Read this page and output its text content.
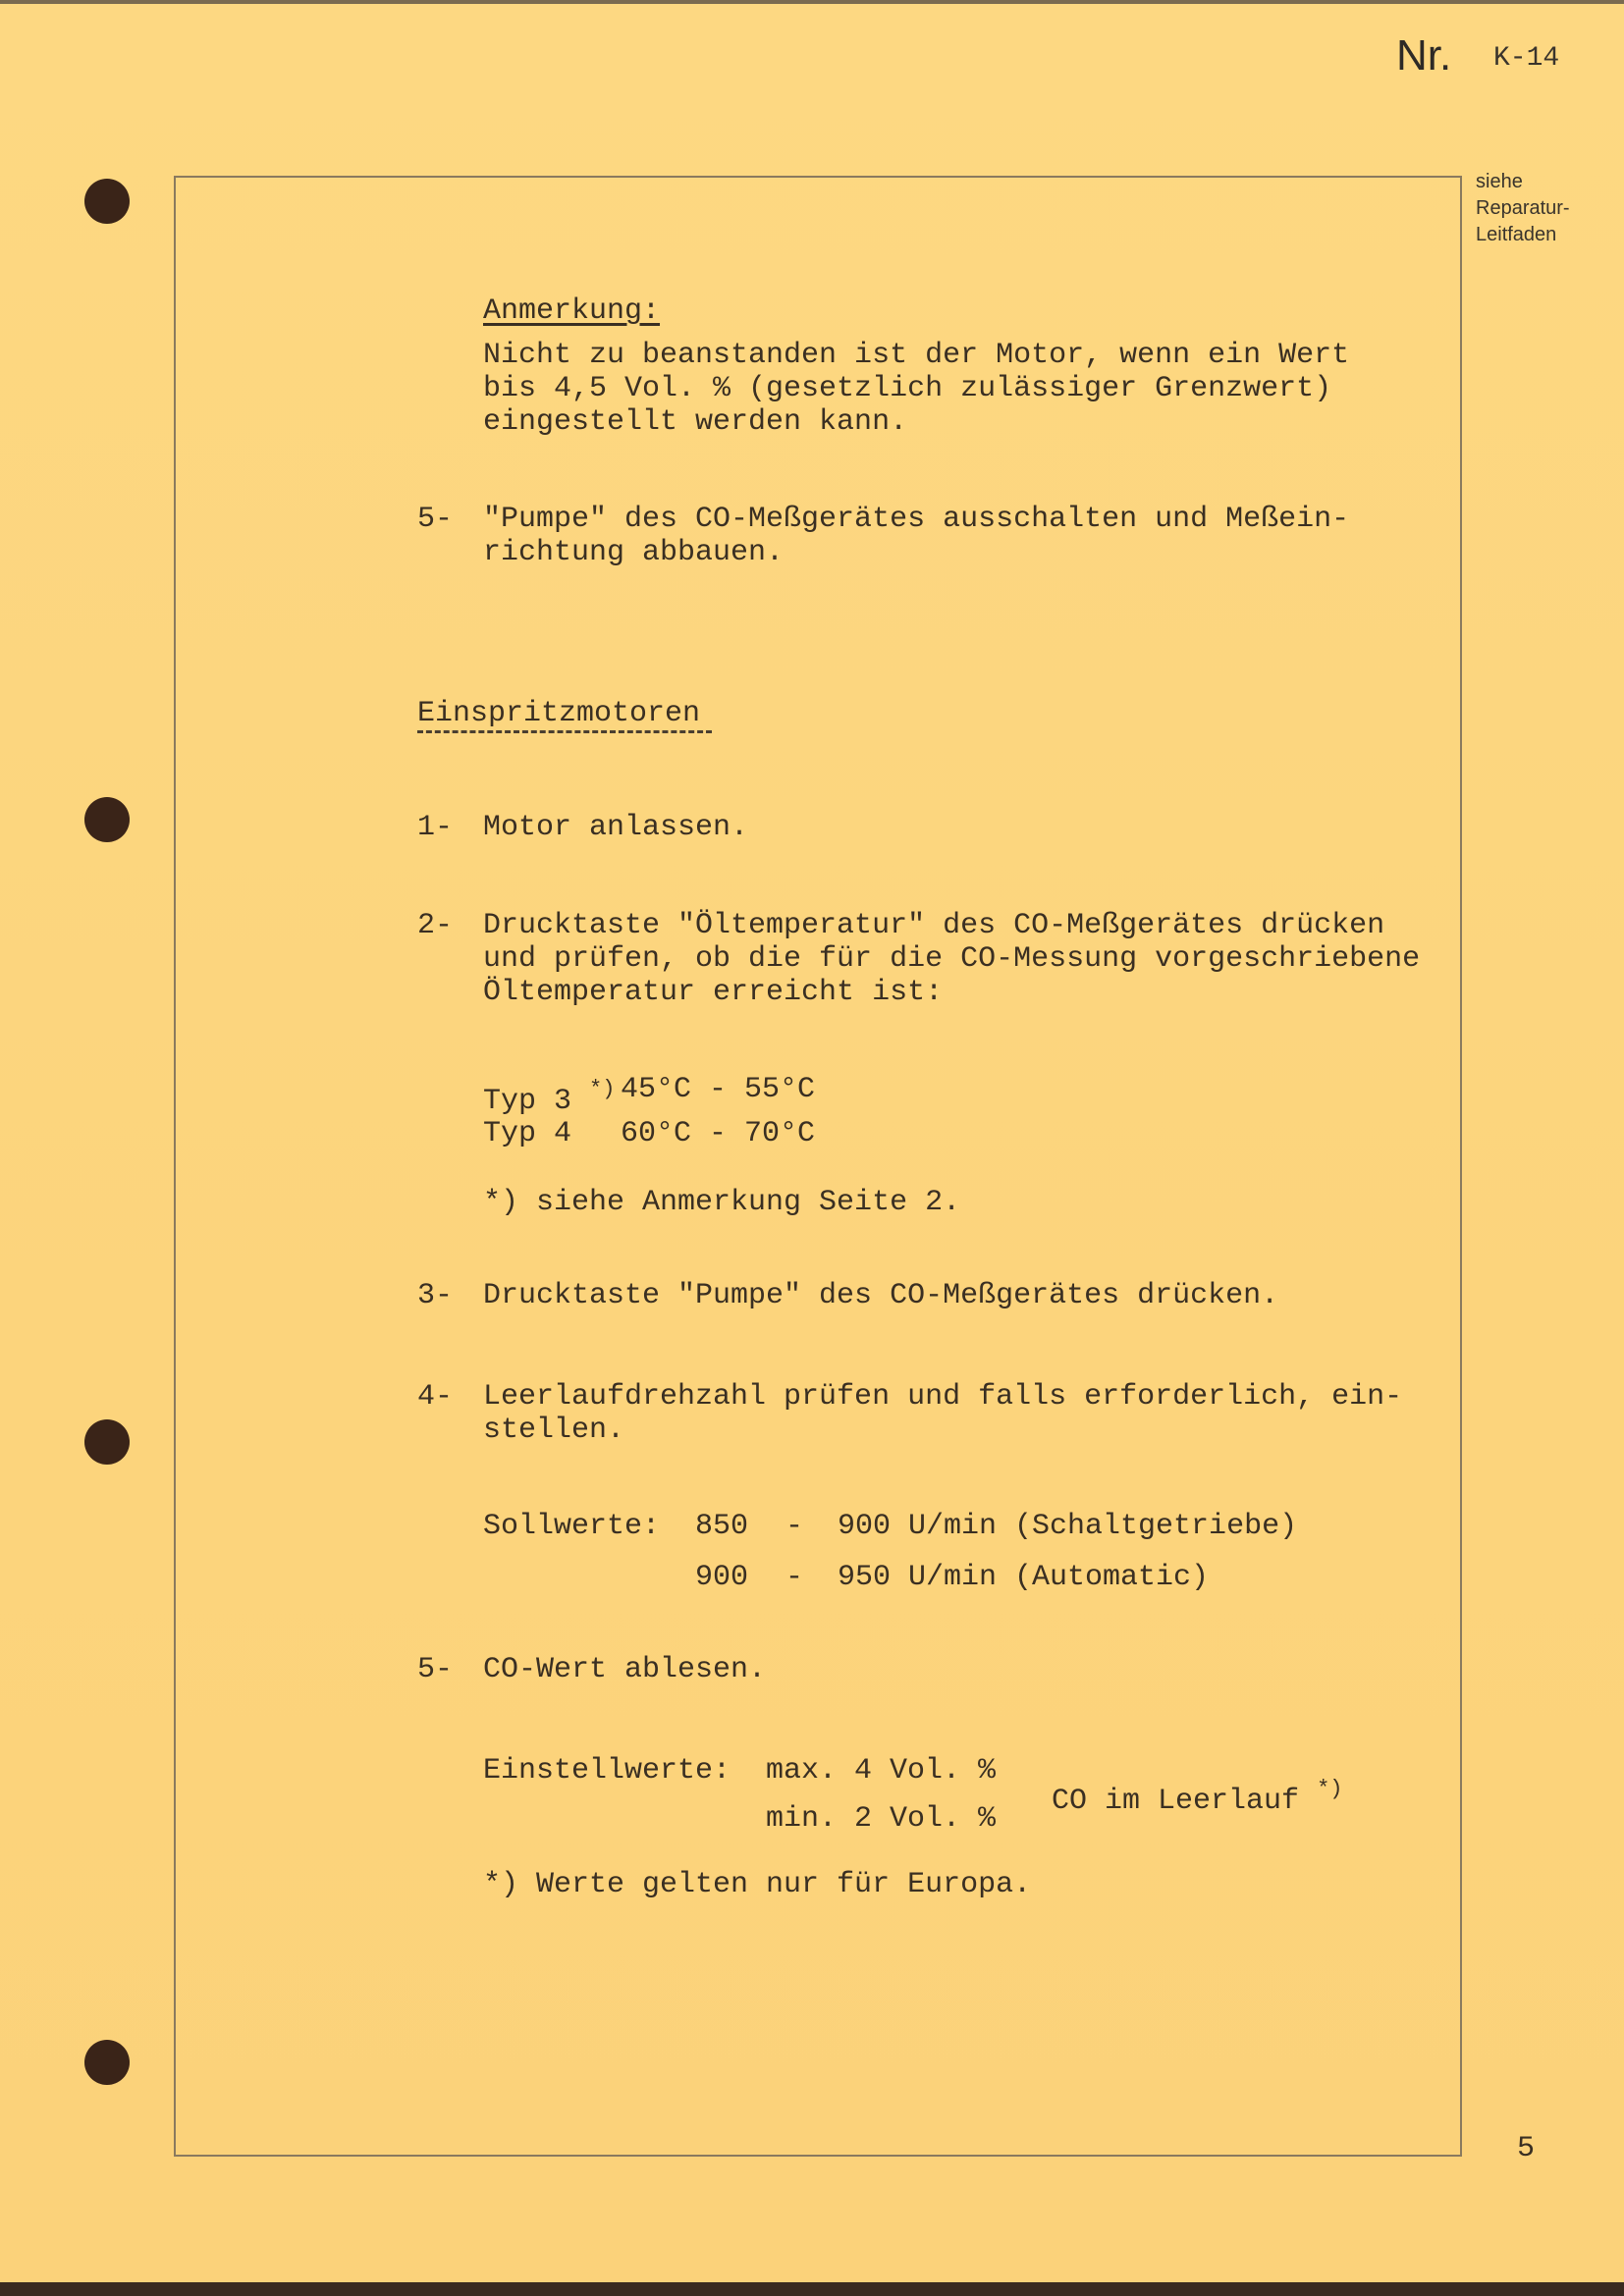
Nr. K-14
siehe
Reparatur-
Leitfaden
Anmerkung:
Nicht zu beanstanden ist der Motor, wenn ein Wert
bis 4,5 Vol. % (gesetzlich zulässiger Grenzwert)
eingestellt werden kann.
5- "Pumpe" des CO-Meßgerätes ausschalten und Meßein-
richtung abbauen.
Einspritzmotoren
1- Motor anlassen.
2- Drucktaste "Öltemperatur" des CO-Meßgerätes drücken
und prüfen, ob die für die CO-Messung vorgeschriebene
Öltemperatur erreicht ist:
Typ 3 *) 45°C - 55°C
Typ 4 60°C - 70°C
*) siehe Anmerkung Seite 2.
3- Drucktaste "Pumpe" des CO-Meßgerätes drücken.
4- Leerlaufdrehzahl prüfen und falls erforderlich, ein-
stellen.
Sollwerte: 850 - 900 U/min (Schaltgetriebe)
900 - 950 U/min (Automatic)
5- CO-Wert ablesen.
Einstellwerte: max. 4 Vol. %
min. 2 Vol. %
CO im Leerlauf *)
*) Werte gelten nur für Europa.
5
